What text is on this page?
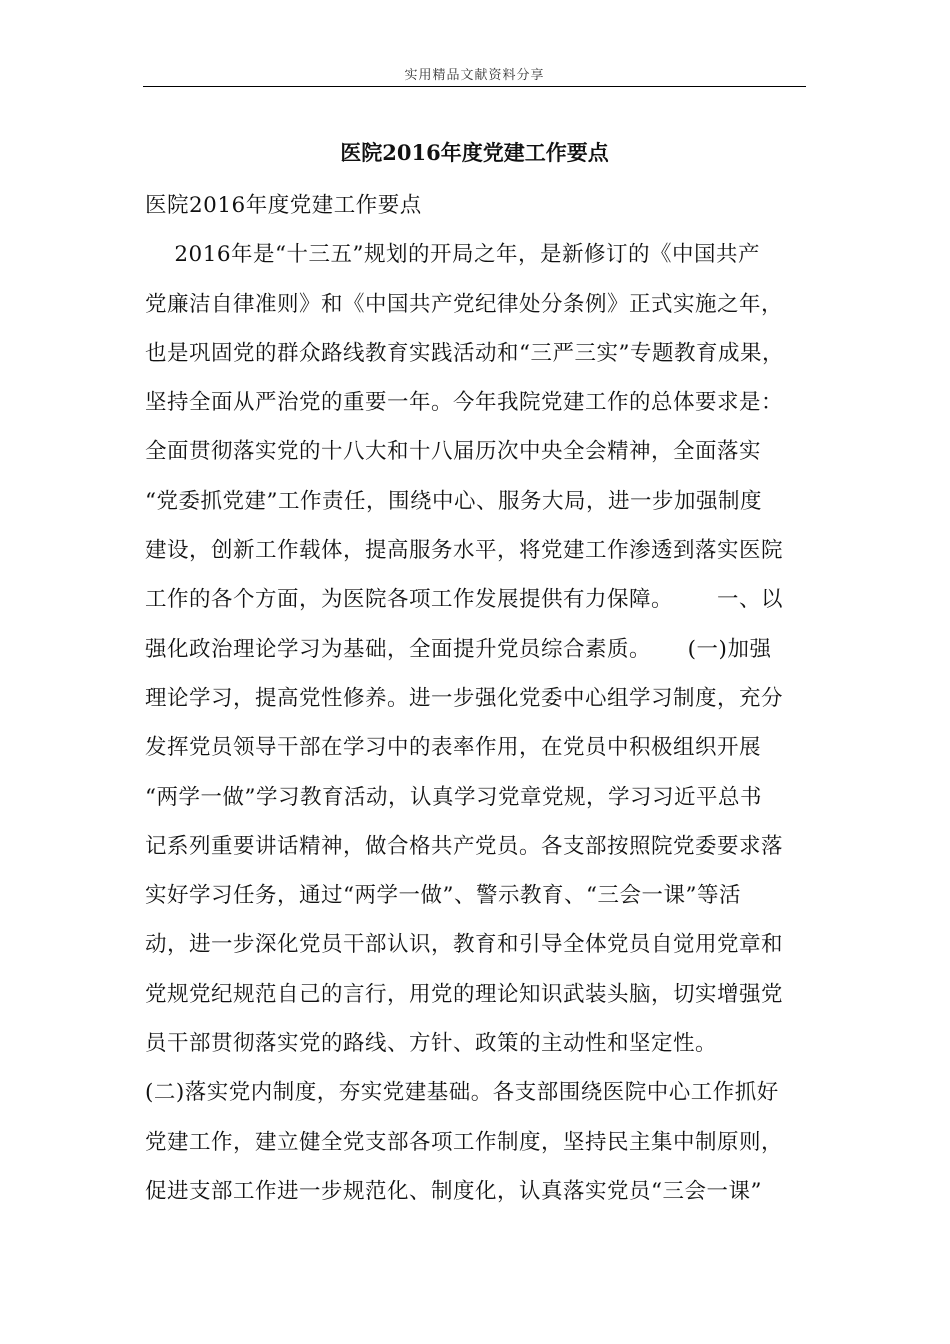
实用精品文献资料分享
医院2016年度党建工作要点
医院2016年度党建工作要点
2016年是“十三五”规划的开局之年，是新修订的《中国共产
党廉洁自律准则》和《中国共产党纪律处分条例》正式实施之年，
也是巩固党的群众路线教育实践活动和“三严三实”专题教育成果，
坚持全面从严治党的重要一年。今年我院党建工作的总体要求是：
全面贯彻落实党的十八大和十八届历次中央全会精神，全面落实
“党委抓党建”工作责任，围绕中心、服务大局，进一步加强制度
建设，创新工作载体，提高服务水平，将党建工作渗透到落实医院
工作的各个方面，为医院各项工作发展提供有力保障。      一、以
强化政治理论学习为基础，全面提升党员综合素质。     (一)加强
理论学习，提高党性修养。进一步强化党委中心组学习制度，充分
发挥党员领导干部在学习中的表率作用，在党员中积极组织开展
“两学一做”学习教育活动，认真学习党章党规，学习习近平总书
记系列重要讲话精神，做合格共产党员。各支部按照院党委要求落
实好学习任务，通过“两学一做”、警示教育、“三会一课”等活
动，进一步深化党员干部认识，教育和引导全体党员自觉用党章和
党规党纪规范自己的言行，用党的理论知识武装头脑，切实增强党
员干部贯彻落实党的路线、方针、政策的主动性和坚定性。
(二)落实党内制度，夯实党建基础。各支部围绕医院中心工作抓好
党建工作，建立健全党支部各项工作制度，坚持民主集中制原则，
促进支部工作进一步规范化、制度化，认真落实党员“三会一课”
